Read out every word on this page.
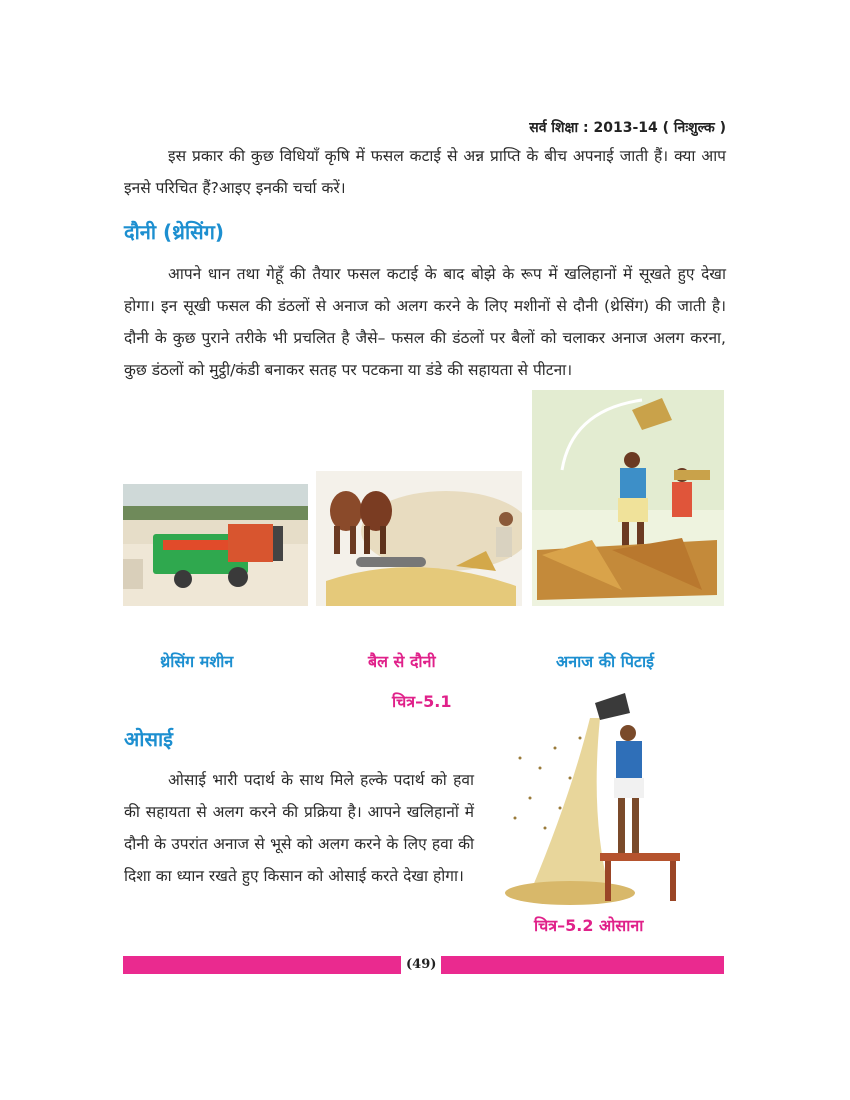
सर्व शिक्षा : 2013-14 ( निःशुल्क )

इस प्रकार की कुछ विधियाँ कृषि में फसल कटाई से अन्न प्राप्ति के बीच अपनाई जाती हैं। क्या आप इनसे परिचित हैं?आइए इनकी चर्चा करें।

दौनी (थ्रेसिंग)

आपने धान तथा गेहूँ की तैयार फसल कटाई के बाद बोझे के रूप में खलिहानों में सूखते हुए देखा होगा। इन सूखी फसल की डंठलों से अनाज को अलग करने के लिए मशीनों से दौनी (थ्रेसिंग) की जाती है। दौनी के कुछ पुराने तरीके भी प्रचलित है जैसे– फसल की डंठलों पर बैलों को चलाकर अनाज अलग करना, कुछ डंठलों को मुट्ठी/कंडी बनाकर सतह पर पटकना या डंडे की सहायता से पीटना।

थ्रेसिंग मशीन	बैल से दौनी	अनाज की पिटाई
चित्र–5.1
ओसाई

ओसाई भारी पदार्थ के साथ मिले हल्के पदार्थ को हवा की सहायता से अलग करने की प्रक्रिया है। आपने खलिहानों में दौनी के उपरांत अनाज से भूसे को अलग करने के लिए हवा की दिशा का ध्यान रखते हुए किसान को ओसाई करते देखा होगा।

चित्र–5.2 ओसाना
(49)
